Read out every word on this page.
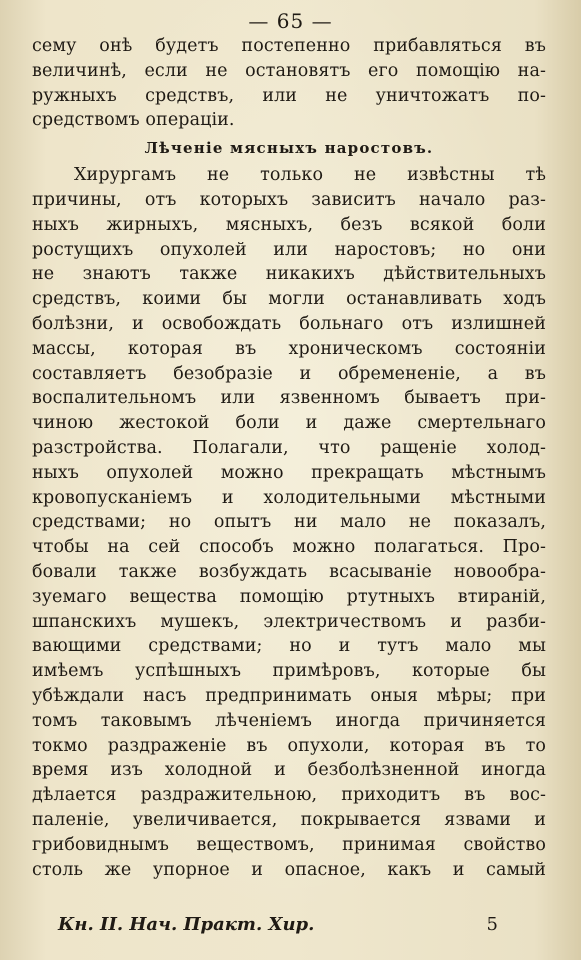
— 65 —
сему онѣ будетъ постепенно прибавляться въ
величинѣ, если не остановятъ его помощію на-
ружныхъ средствъ, или не уничтожатъ по-
средствомъ операціи.
Лѣченіе мясныхъ наростовъ.
Хирургамъ не только не извѣстны тѣ
причины, отъ которыхъ зависитъ начало раз-
ныхъ жирныхъ, мясныхъ, безъ всякой боли
ростущихъ опухолей или наростовъ; но они
не знаютъ также никакихъ дѣйствительныхъ
средствъ, коими бы могли останавливать ходъ
болѣзни, и освобождать больнаго отъ излишней
массы, которая въ хроническомъ состояніи
составляетъ безобразіе и обремененіе, а въ
воспалительномъ или язвенномъ бываетъ при-
чиною жестокой боли и даже смертельнаго
разстройства. Полагали, что ращеніе холод-
ныхъ опухолей можно прекращать мѣстнымъ
кровопусканіемъ и холодительными мѣстными
средствами; но опытъ ни мало не показалъ,
чтобы на сей способъ можно полагаться. Про-
бовали также возбуждать всасываніе новообра-
зуемаго вещества помощію ртутныхъ втираній,
шпанскихъ мушекъ, электричествомъ и разби-
вающими средствами; но и тутъ мало мы
имѣемъ успѣшныхъ примѣровъ, которые бы
убѣждали насъ предпринимать оныя мѣры; при
томъ таковымъ лѣченіемъ иногда причиняется
токмо раздраженіе въ опухоли, которая въ то
время изъ холодной и безболѣзненной иногда
дѣлается раздражительною, приходитъ въ вос-
паленіе, увеличивается, покрывается язвами и
грибовиднымъ веществомъ, принимая свойство
столь же упорное и опасное, какъ и самый
Кн. II. Нач. Практ. Хир.	5
